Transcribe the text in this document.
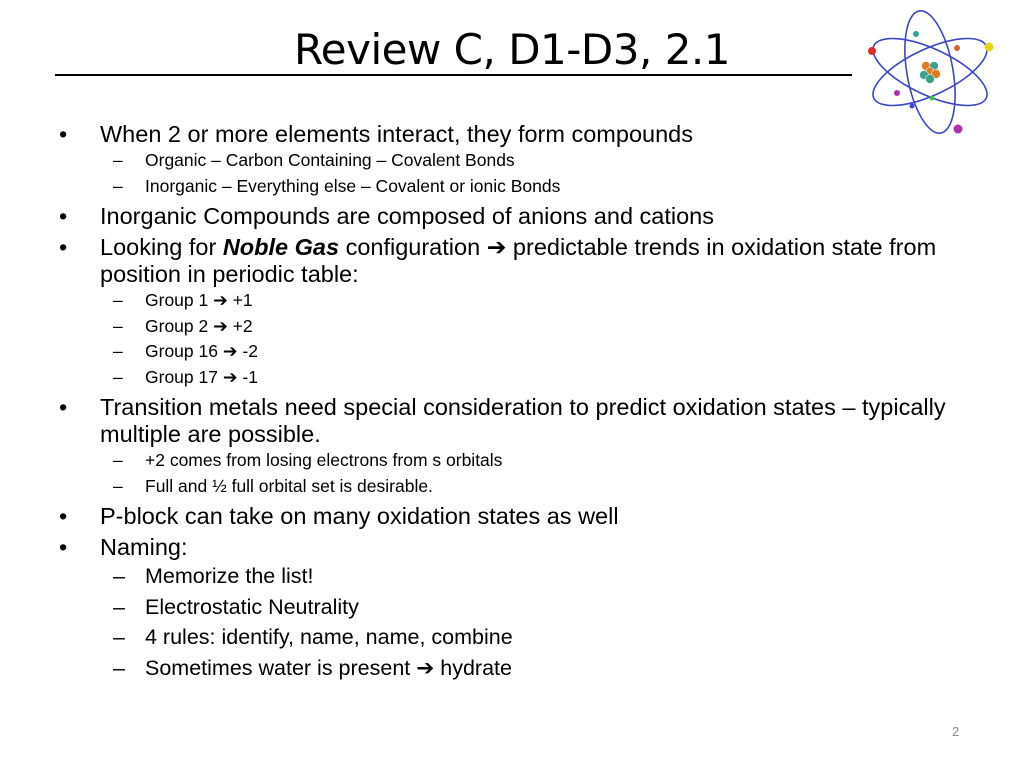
Review C, D1-D3, 2.1
• When 2 or more elements interact, they form compounds
– Organic – Carbon Containing – Covalent Bonds
– Inorganic – Everything else – Covalent or ionic Bonds
• Inorganic Compounds are composed of anions and cations
• Looking for Noble Gas configuration ➔ predictable trends in oxidation state from position in periodic table:
– Group 1 ➔ +1
– Group 2 ➔ +2
– Group 16 ➔ -2
– Group 17 ➔ -1
• Transition metals need special consideration to predict oxidation states – typically multiple are possible.
– +2 comes from losing electrons from s orbitals
– Full and ½ full orbital set is desirable.
• P-block can take on many oxidation states as well
• Naming:
– Memorize the list!
– Electrostatic Neutrality
– 4 rules: identify, name, name, combine
– Sometimes water is present ➔ hydrate
2
